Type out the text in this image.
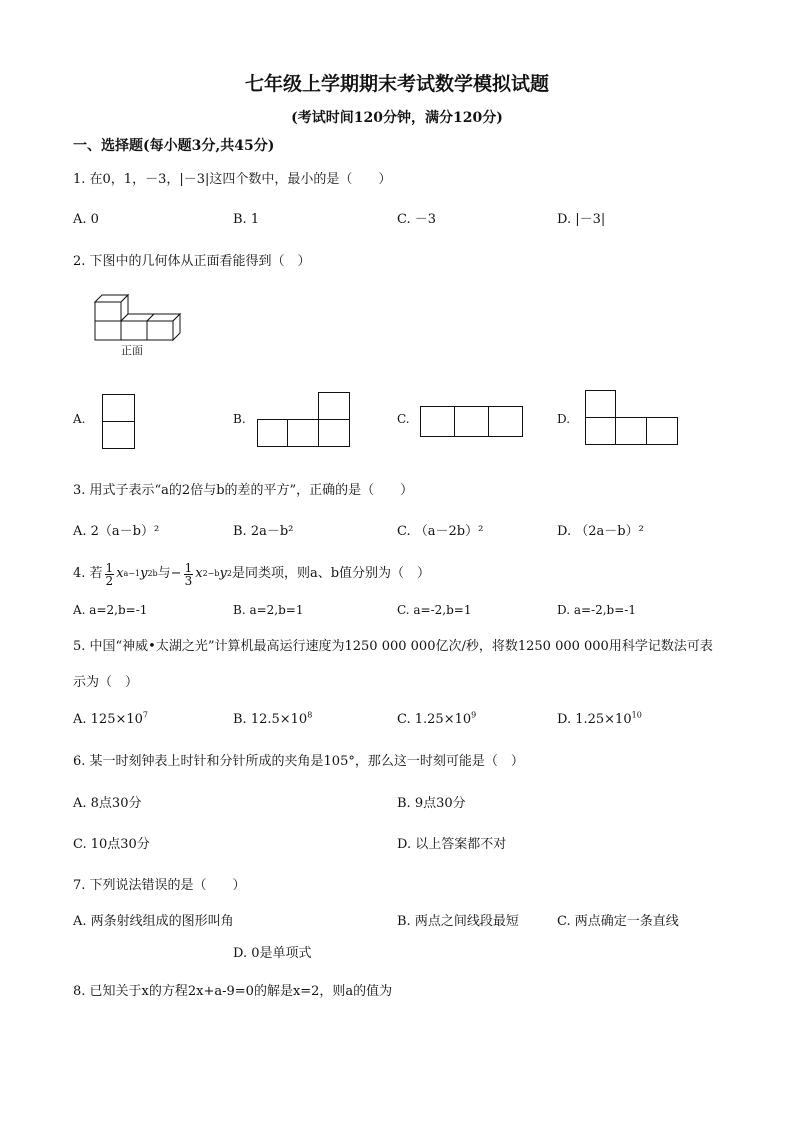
七年级上学期期末考试数学模拟试题
(考试时间120分钟，满分120分)
一、选择题(每小题3分,共45分)
1. 在0，1，－3，|－3|这四个数中，最小的是（　　）
A. 0	B. 1	C. －3	D. |－3|
2. 下图中的几何体从正面看能得到（　）
正面
A.	B.	C.	D.
3. 用式子表示“a的2倍与b的差的平方”，正确的是（　　）
A. 2（a－b）²	B. 2a－b²	C. （a－2b）²	D. （2a－b）²
4. 若 $\frac{1}{2}$ x a−1 y 2b 与− $\frac{1}{3}$ x 2−b y 2 是同类项，则a、b值分别为（　）
A. a=2,b=-1	B. a=2,b=1	C. a=-2,b=1	D. a=-2,b=-1
5. 中国“神威•太湖之光”计算机最高运行速度为1250 000 000亿次/秒，将数1250 000 000用科学记数法可表
示为（　）
A. $125\times 10^7$	B. $12.5\times 10^8$	C. $1.25\times 10^9$	D. $1.25\times 10^{10}$
6. 某一时刻钟表上时针和分针所成的夹角是105°，那么这一时刻可能是（　）
A. 8点30分	B. 9点30分
C. 10点30分	D. 以上答案都不对
7. 下列说法错误的是（　　）
A. 两条射线组成的图形叫角	B. 两点之间线段最短	C. 两点确定一条直线
D. 0是单项式
8. 已知关于x的方程2x+a-9=0的解是x=2，则a的值为
